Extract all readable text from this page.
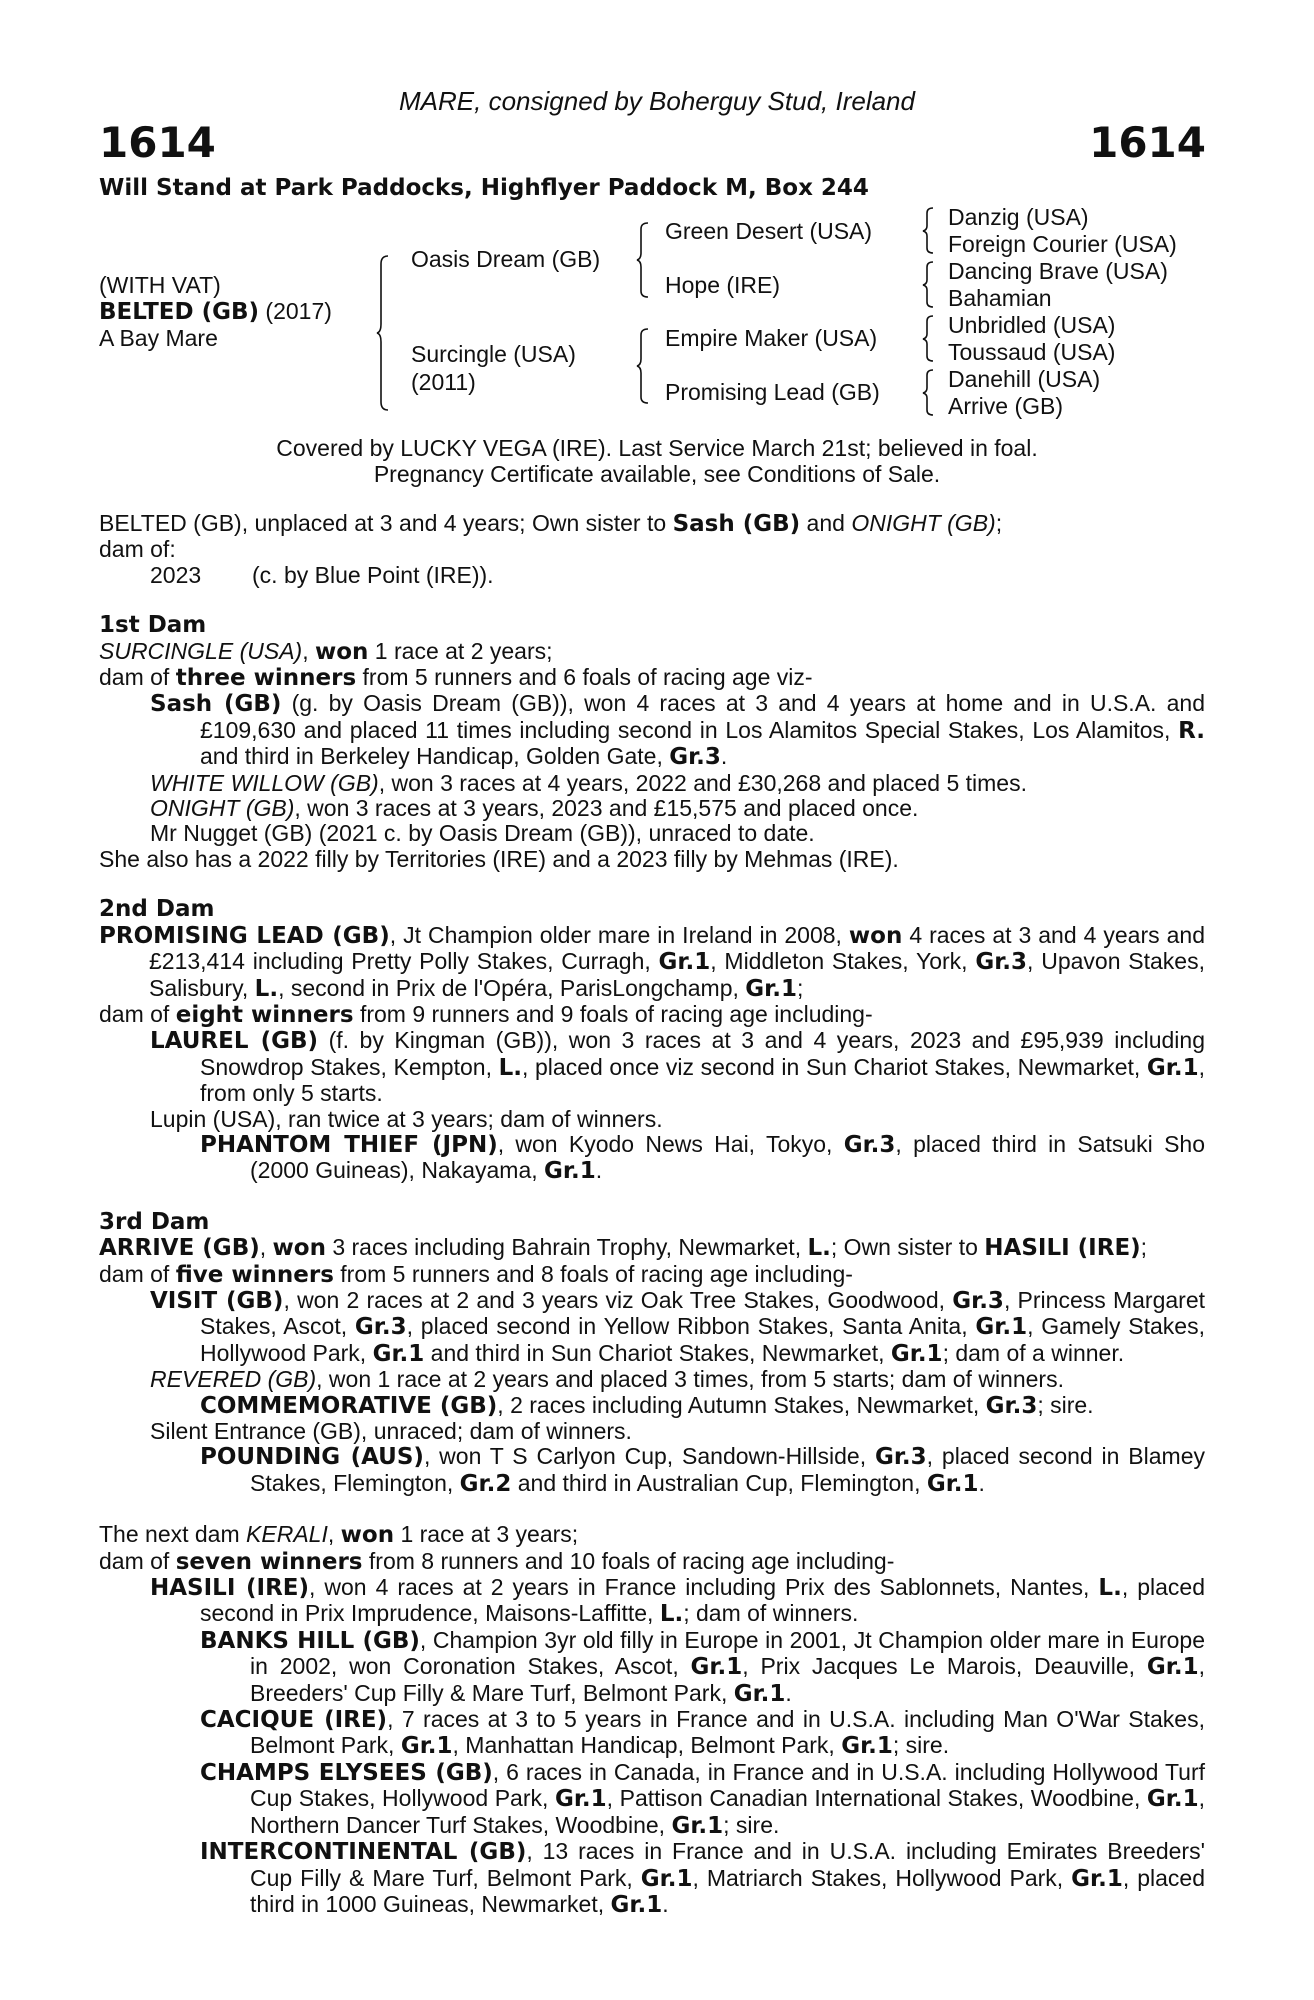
MARE, consigned by Boherguy Stud, Ireland
1614	1614
Will Stand at Park Paddocks, Highflyer Paddock M, Box 244
(WITH VAT)
BELTED (GB) (2017)
A Bay Mare
Oasis Dream (GB)
Surcingle (USA)
(2011)
Green Desert (USA)
Hope (IRE)
Empire Maker (USA)
Promising Lead (GB)
Danzig (USA)
Foreign Courier (USA)
Dancing Brave (USA)
Bahamian
Unbridled (USA)
Toussaud (USA)
Danehill (USA)
Arrive (GB)
Covered by LUCKY VEGA (IRE). Last Service March 21st; believed in foal.
Pregnancy Certificate available, see Conditions of Sale.

BELTED (GB), unplaced at 3 and 4 years; Own sister to Sash (GB) and ONIGHT (GB);

dam of:

2023 (c. by Blue Point (IRE)).

1st Dam

SURCINGLE (USA), won 1 race at 2 years;

dam of three winners from 5 runners and 6 foals of racing age viz-

Sash (GB) (g. by Oasis Dream (GB)), won 4 races at 3 and 4 years at home and in U.S.A. and £109,630 and placed 11 times including second in Los Alamitos Special Stakes, Los Alamitos, R. and third in Berkeley Handicap, Golden Gate, Gr.3.

WHITE WILLOW (GB), won 3 races at 4 years, 2022 and £30,268 and placed 5 times.

ONIGHT (GB), won 3 races at 3 years, 2023 and £15,575 and placed once.

Mr Nugget (GB) (2021 c. by Oasis Dream (GB)), unraced to date.

She also has a 2022 filly by Territories (IRE) and a 2023 filly by Mehmas (IRE).

2nd Dam

PROMISING LEAD (GB), Jt Champion older mare in Ireland in 2008, won 4 races at 3 and 4 years and £213,414 including Pretty Polly Stakes, Curragh, Gr.1, Middleton Stakes, York, Gr.3, Upavon Stakes, Salisbury, L., second in Prix de l'Opéra, ParisLongchamp, Gr.1;

dam of eight winners from 9 runners and 9 foals of racing age including-

LAUREL (GB) (f. by Kingman (GB)), won 3 races at 3 and 4 years, 2023 and £95,939 including Snowdrop Stakes, Kempton, L., placed once viz second in Sun Chariot Stakes, Newmarket, Gr.1, from only 5 starts.

Lupin (USA), ran twice at 3 years; dam of winners.

PHANTOM THIEF (JPN), won Kyodo News Hai, Tokyo, Gr.3, placed third in Satsuki Sho (2000 Guineas), Nakayama, Gr.1.

3rd Dam

ARRIVE (GB), won 3 races including Bahrain Trophy, Newmarket, L.; Own sister to HASILI (IRE);

dam of five winners from 5 runners and 8 foals of racing age including-

VISIT (GB), won 2 races at 2 and 3 years viz Oak Tree Stakes, Goodwood, Gr.3, Princess Margaret Stakes, Ascot, Gr.3, placed second in Yellow Ribbon Stakes, Santa Anita, Gr.1, Gamely Stakes, Hollywood Park, Gr.1 and third in Sun Chariot Stakes, Newmarket, Gr.1; dam of a winner.

REVERED (GB), won 1 race at 2 years and placed 3 times, from 5 starts; dam of winners.

COMMEMORATIVE (GB), 2 races including Autumn Stakes, Newmarket, Gr.3; sire.

Silent Entrance (GB), unraced; dam of winners.

POUNDING (AUS), won T S Carlyon Cup, Sandown-Hillside, Gr.3, placed second in Blamey Stakes, Flemington, Gr.2 and third in Australian Cup, Flemington, Gr.1.

The next dam KERALI, won 1 race at 3 years;

dam of seven winners from 8 runners and 10 foals of racing age including-

HASILI (IRE), won 4 races at 2 years in France including Prix des Sablonnets, Nantes, L., placed second in Prix Imprudence, Maisons-Laffitte, L.; dam of winners.

BANKS HILL (GB), Champion 3yr old filly in Europe in 2001, Jt Champion older mare in Europe in 2002, won Coronation Stakes, Ascot, Gr.1, Prix Jacques Le Marois, Deauville, Gr.1, Breeders' Cup Filly & Mare Turf, Belmont Park, Gr.1.

CACIQUE (IRE), 7 races at 3 to 5 years in France and in U.S.A. including Man O'War Stakes, Belmont Park, Gr.1, Manhattan Handicap, Belmont Park, Gr.1; sire.

CHAMPS ELYSEES (GB), 6 races in Canada, in France and in U.S.A. including Hollywood Turf Cup Stakes, Hollywood Park, Gr.1, Pattison Canadian International Stakes, Woodbine, Gr.1, Northern Dancer Turf Stakes, Woodbine, Gr.1; sire.

INTERCONTINENTAL (GB), 13 races in France and in U.S.A. including Emirates Breeders' Cup Filly & Mare Turf, Belmont Park, Gr.1, Matriarch Stakes, Hollywood Park, Gr.1, placed third in 1000 Guineas, Newmarket, Gr.1.
